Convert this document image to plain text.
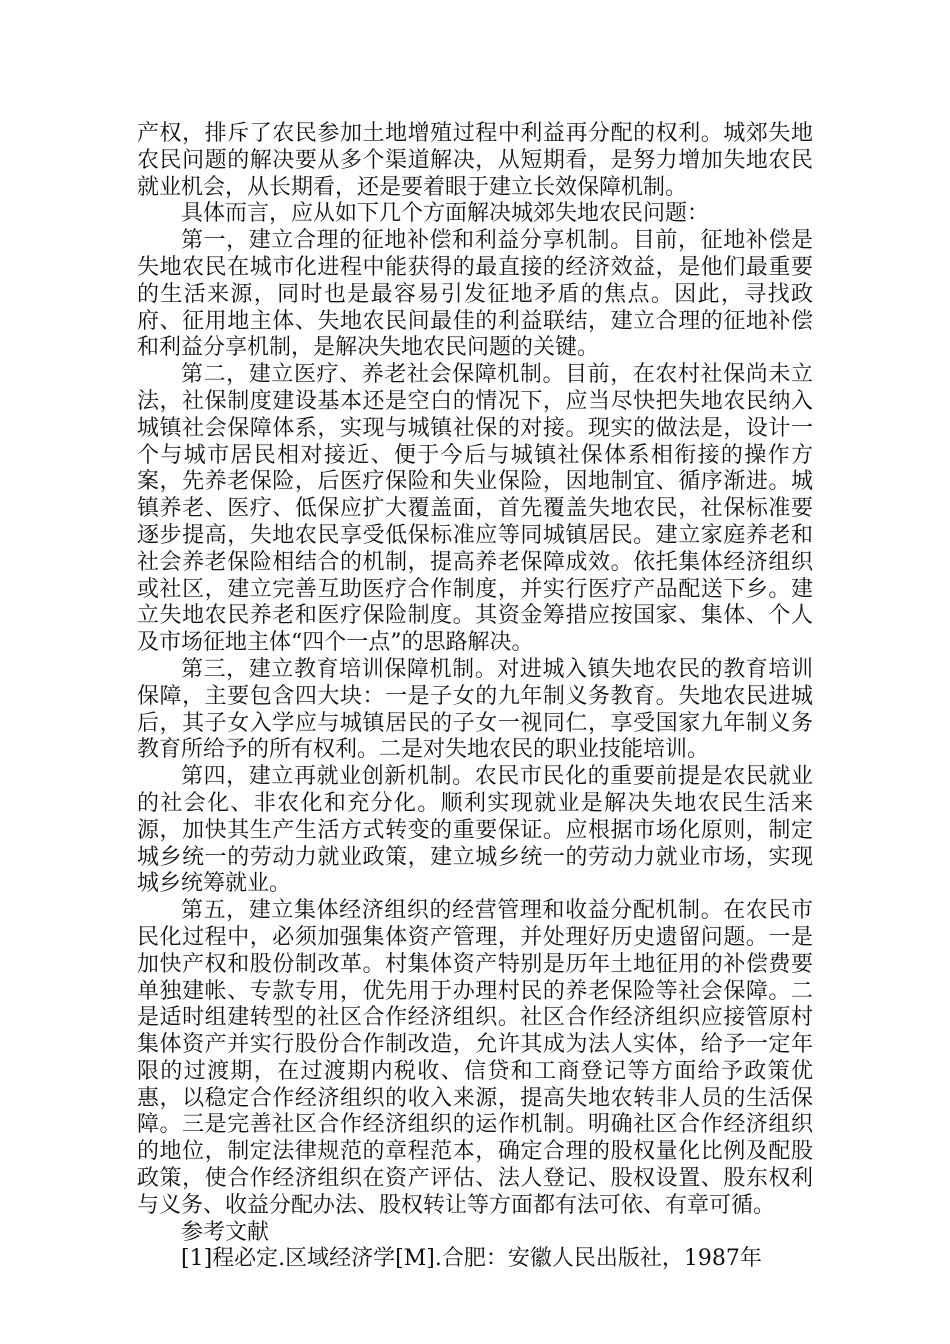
产权，排斥了农民参加土地增殖过程中利益再分配的权利。城郊失地农民问题的解决要从多个渠道解决，从短期看，是努力增加失地农民就业机会，从长期看，还是要着眼于建立长效保障机制。

具体而言，应从如下几个方面解决城郊失地农民问题：

第一，建立合理的征地补偿和利益分享机制。目前，征地补偿是失地农民在城市化进程中能获得的最直接的经济效益，是他们最重要的生活来源，同时也是最容易引发征地矛盾的焦点。因此，寻找政府、征用地主体、失地农民间最佳的利益联结，建立合理的征地补偿和利益分享机制，是解决失地农民问题的关键。

第二，建立医疗、养老社会保障机制。目前，在农村社保尚未立法，社保制度建设基本还是空白的情况下，应当尽快把失地农民纳入城镇社会保障体系，实现与城镇社保的对接。现实的做法是，设计一个与城市居民相对接近、便于今后与城镇社保体系相衔接的操作方案，先养老保险，后医疗保险和失业保险，因地制宜、循序渐进。城镇养老、医疗、低保应扩大覆盖面，首先覆盖失地农民，社保标准要逐步提高，失地农民享受低保标准应等同城镇居民。建立家庭养老和社会养老保险相结合的机制，提高养老保障成效。依托集体经济组织或社区，建立完善互助医疗合作制度，并实行医疗产品配送下乡。建立失地农民养老和医疗保险制度。其资金筹措应按国家、集体、个人及市场征地主体“四个一点”的思路解决。

第三，建立教育培训保障机制。对进城入镇失地农民的教育培训保障，主要包含四大块：一是子女的九年制义务教育。失地农民进城后，其子女入学应与城镇居民的子女一视同仁，享受国家九年制义务教育所给予的所有权利。二是对失地农民的职业技能培训。

第四，建立再就业创新机制。农民市民化的重要前提是农民就业的社会化、非农化和充分化。顺利实现就业是解决失地农民生活来源，加快其生产生活方式转变的重要保证。应根据市场化原则，制定城乡统一的劳动力就业政策，建立城乡统一的劳动力就业市场，实现城乡统筹就业。

第五，建立集体经济组织的经营管理和收益分配机制。在农民市民化过程中，必须加强集体资产管理，并处理好历史遗留问题。一是加快产权和股份制改革。村集体资产特别是历年土地征用的补偿费要单独建帐、专款专用，优先用于办理村民的养老保险等社会保障。二是适时组建转型的社区合作经济组织。社区合作经济组织应接管原村集体资产并实行股份合作制改造，允许其成为法人实体，给予一定年限的过渡期，在过渡期内税收、信贷和工商登记等方面给予政策优惠，以稳定合作经济组织的收入来源，提高失地农转非人员的生活保障。三是完善社区合作经济组织的运作机制。明确社区合作经济组织的地位，制定法律规范的章程范本，确定合理的股权量化比例及配股政策，使合作经济组织在资产评估、法人登记、股权设置、股东权利与义务、收益分配办法、股权转让等方面都有法可依、有章可循。

参考文献

[1]程必定.区域经济学[M].合肥：安徽人民出版社，1987年
